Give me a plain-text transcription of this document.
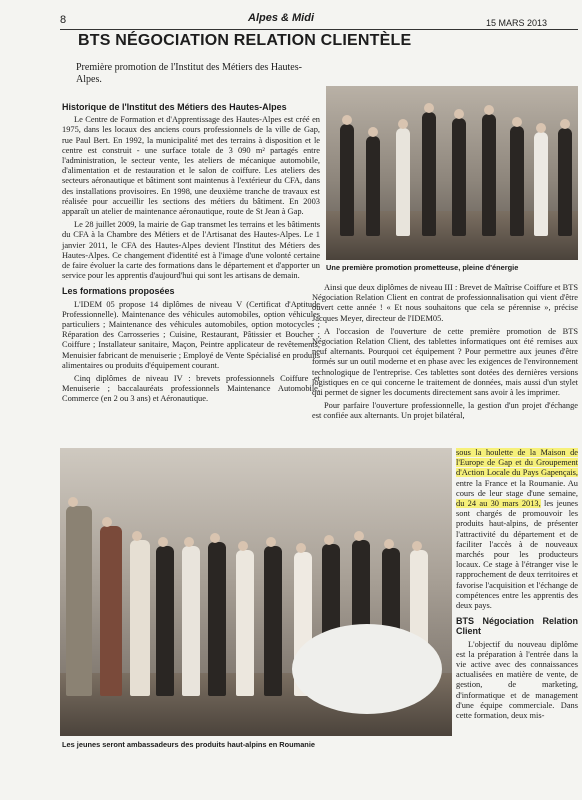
8	Alpes & Midi	15 MARS 2013
BTS NÉGOCIATION RELATION CLIENTÈLE
Première promotion de l'Institut des Métiers des Hautes-Alpes.

Historique de l'Institut des Métiers des Hautes-Alpes

Le Centre de Formation et d'Apprentissage des Hautes-Alpes est créé en 1975, dans les locaux des anciens cours professionnels de la ville de Gap, rue Paul Bert. En 1992, la municipalité met des terrains à disposition et le centre est construit - une surface totale de 3 090 m² partagés entre l'administration, le secteur vente, les ateliers de mécanique automobile, d'alimentation et de restauration et le salon de coiffure. Les ateliers des secteurs aéronautique et bâtiment sont maintenus à l'extérieur du CFA, dans des installations provisoires. En 1998, une deuxième tranche de travaux est réalisée pour accueillir les sections des métiers du bâtiment. En 2003 apparaît un atelier de maintenance aéronautique, route de St Jean à Gap.

Le 28 juillet 2009, la mairie de Gap transmet les terrains et les bâtiments du CFA à la Chambre des Métiers et de l'Artisanat des Hautes-Alpes. Le 1 janvier 2011, le CFA des Hautes-Alpes devient l'Institut des Métiers des Hautes-Alpes. Ce changement d'identité est à l'image d'une volonté certaine de faire évoluer la carte des formations dans le département et d'apporter un service pour les apprentis d'aujourd'hui qui sont les artisans de demain.

Les formations proposées

L'IDEM 05 propose 14 diplômes de niveau V (Certificat d'Aptitude Professionnelle). Maintenance des véhicules automobiles, option véhicules particuliers ; Maintenance des véhicules automobiles, option motocycles ; Réparation des Carrosseries ; Cuisine, Restaurant, Pâtissier et Boucher ; Coiffure ; Installateur sanitaire, Maçon, Peintre applicateur de revêtements, Menuisier fabricant de menuiserie ; Employé de Vente Spécialisé en produits alimentaires ou produits d'équipement courant.

Cinq diplômes de niveau IV : brevets professionnels Coiffure et Menuiserie ; baccalauréats professionnels Maintenance Automobile, Commerce (en 2 ou 3 ans) et Aéronautique.

Une première promotion prometteuse, pleine d'énergie

Ainsi que deux diplômes de niveau III : Brevet de Maîtrise Coiffure et BTS Négociation Relation Client en contrat de professionnalisation qui vient d'être ouvert cette année ! « Et nous souhaitons que cela se pérennise », précise Jacques Meyer, directeur de l'IDEM05.

A l'occasion de l'ouverture de cette première promotion de BTS Négociation Relation Client, des tablettes informatiques ont été remises aux neuf alternants. Pourquoi cet équipement ? Pour permettre aux jeunes d'être formés sur un outil moderne et en phase avec les exigences de l'environnement technologique de l'entreprise. Ces tablettes sont dotées des dernières versions logistiques en ce qui concerne le traitement de données, mais aussi d'un stylet qui permet de signer les documents directement sans avoir à les imprimer.

Pour parfaire l'ouverture professionnelle, la gestion d'un projet d'échange est confiée aux alternants. Un projet bilatéral,

Les jeunes seront ambassadeurs des produits haut-alpins en Roumanie

sous la houlette de la Maison de l'Europe de Gap et du Groupement d'Action Locale du Pays Gapençais, entre la France et la Roumanie. Au cours de leur stage d'une semaine, du 24 au 30 mars 2013, les jeunes sont chargés de promouvoir les produits haut-alpins, de présenter l'attractivité du département et de faciliter l'accès à de nouveaux marchés pour les producteurs locaux. Ce stage à l'étranger vise le rapprochement de deux territoires et favorise l'acquisition et l'échange de compétences entre les apprentis des deux pays.

BTS Négociation Relation Client

L'objectif du nouveau diplôme est la préparation à l'entrée dans la vie active avec des connaissances actualisées en matière de vente, de gestion, de marketing, d'informatique et de management d'une équipe commerciale. Dans cette formation, deux mis-
